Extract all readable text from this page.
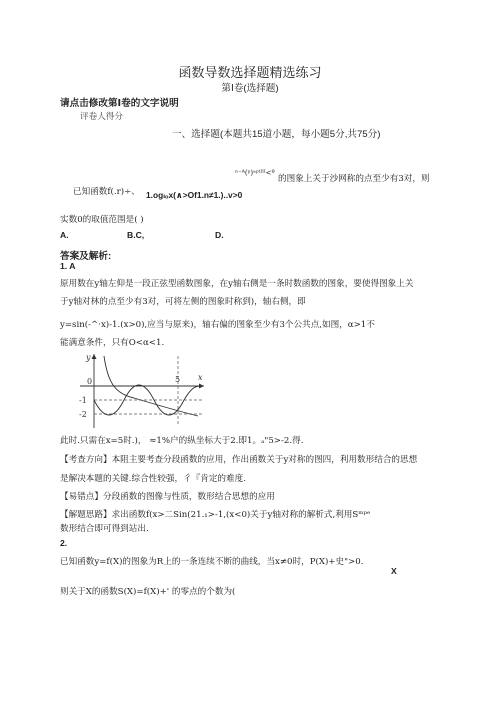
函数导数选择题精选练习
第Ⅰ卷(选择题)
请点击修改第Ⅰ卷的文字说明
评卷人得分
一、选择题(本题共15道小题，每小题5分,共75分)
ⁿ⁻ᴬ(ᵖ)ᵃᵖᵗᴵᴵᴵ<º
的图象上关于沙网称的点至少有3对，则
已知函数f(.r)÷、 1.ogₗₒx(∧>Of1.n≠1.)..v>0
实数0的取值范围是( )
A.	B.C,	D.
答案及解析:
1. A
原用数在y轴左仰是一段正弦型函数图象，在y轴右侧是一条时数函数的图象，要使得图象上关
于y轴对林的点至少有3对，可将左侧的图象时称到)，轴右侧，即
y=sin(-^·x)-1.(x>0),应当与原来)，轴右偏的图象至少有3个公共点,如图，α>1不
能满意条件，只有O<α<1.
y
x
0	5
-1
-2
此时.只需在x=5时.)， ≈1%户的纵坐标大于2.即1。ₐ"5>-2.得.
【考查方向】本阻主要考查分段函数的应用，作出函数关于y对称的图四，利用数形结合的思想
是解决本题的关键.综合性较强，彳『肯定的难度.
【易错点】分段函数的图像与性质，数形结合思想的应用
【解题思路】求出函数f(x>二Sin(21.₁>-1,(x<0)关于y轴对称的解析式,利用Sᵐᵖᵉ
数形结合即可得到站出.
2.
已知函数y=f(X)的图象为R上的一条连续不断的曲线，当x≠0时，P(X)+史">0.
X
则关于X的函数S(X)=f(X)+' 的零点的个数为(
